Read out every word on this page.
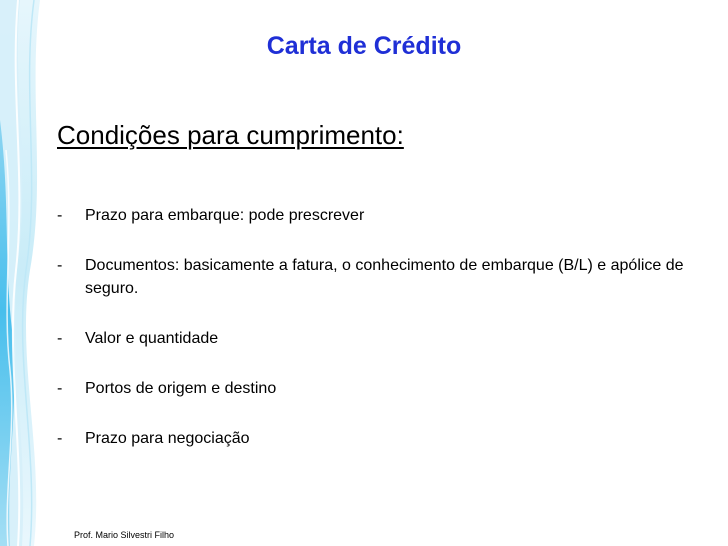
Carta de Crédito
Condições para cumprimento:
- Prazo para embarque: pode prescrever
- Documentos: basicamente a fatura, o conhecimento de embarque (B/L) e apólice de seguro.
- Valor e quantidade
- Portos de origem e destino
- Prazo para negociação
Prof. Mario Silvestri Filho
